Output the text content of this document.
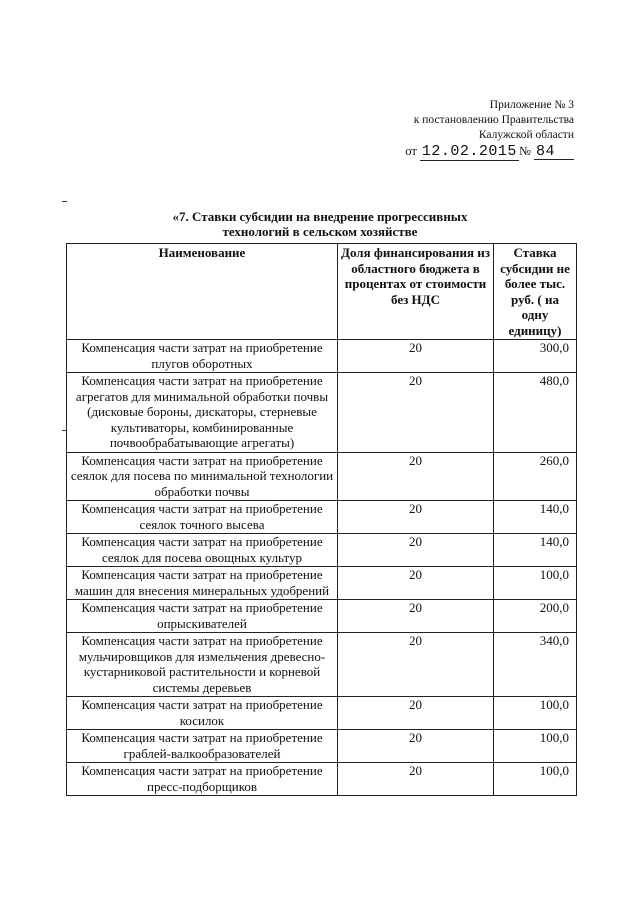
Приложение № 3
к постановлению Правительства
Калужской области
от 12.02.2015 № 84
«7. Ставки субсидии на внедрение прогрессивных
технологий в сельском хозяйстве
Наименование	Доля финансирования из областного бюджета в процентах от стоимости без НДС	Ставка субсидии не более тыс. руб. ( на одну единицу)
Компенсация части затрат на приобретение плугов оборотных	20	300,0
Компенсация части затрат на приобретение агрегатов для минимальной обработки почвы (дисковые бороны, дискаторы, стерневые культиваторы, комбинированные почвообрабатывающие агрегаты)	20	480,0
Компенсация части затрат на приобретение сеялок для посева по минимальной технологии обработки почвы	20	260,0
Компенсация части затрат на приобретение сеялок точного высева	20	140,0
Компенсация части затрат на приобретение сеялок для посева овощных культур	20	140,0
Компенсация части затрат на приобретение машин для внесения минеральных удобрений	20	100,0
Компенсация части затрат на приобретение опрыскивателей	20	200,0
Компенсация части затрат на приобретение мульчировщиков для измельчения древесно-кустарниковой растительности и корневой системы деревьев	20	340,0
Компенсация части затрат на приобретение косилок	20	100,0
Компенсация части затрат на приобретение граблей-валкообразователей	20	100,0
Компенсация части затрат на приобретение пресс-подборщиков	20	100,0
